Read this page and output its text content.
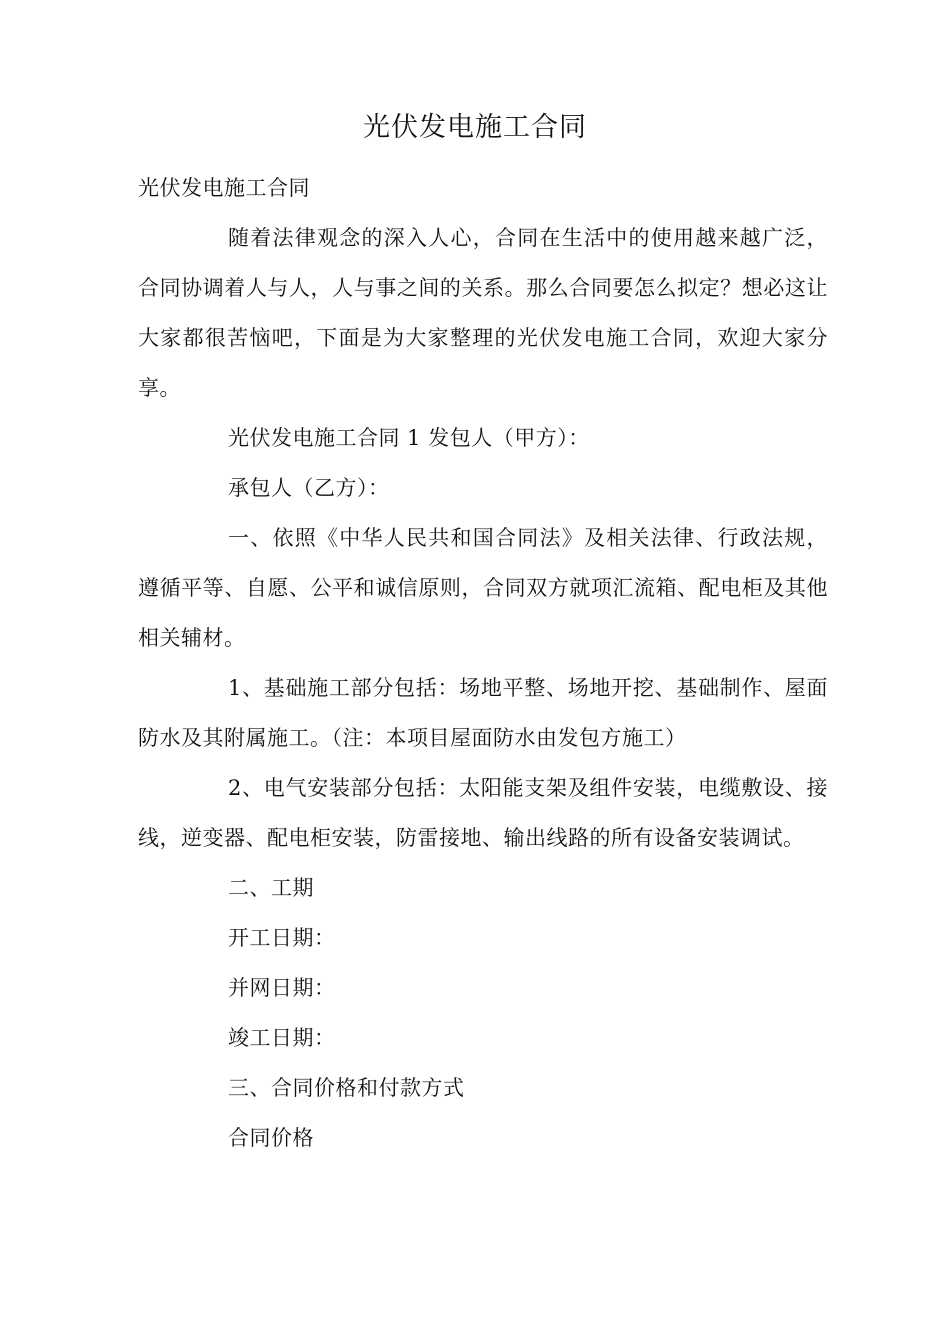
光伏发电施工合同

光伏发电施工合同

随着法律观念的深入人心，合同在生活中的使用越来越广泛，合同协调着人与人，人与事之间的关系。那么合同要怎么拟定？想必这让大家都很苦恼吧，下面是为大家整理的光伏发电施工合同，欢迎大家分享。

光伏发电施工合同 1 发包人（甲方）：

承包人（乙方）：

一、依照《中华人民共和国合同法》及相关法律、行政法规，遵循平等、自愿、公平和诚信原则，合同双方就项汇流箱、配电柜及其他相关辅材。

1、基础施工部分包括：场地平整、场地开挖、基础制作、屋面防水及其附属施工。（注：本项目屋面防水由发包方施工）

2、电气安装部分包括：太阳能支架及组件安装，电缆敷设、接线，逆变器、配电柜安装，防雷接地、输出线路的所有设备安装调试。

二、工期

开工日期：

并网日期：

竣工日期：

三、合同价格和付款方式

合同价格
